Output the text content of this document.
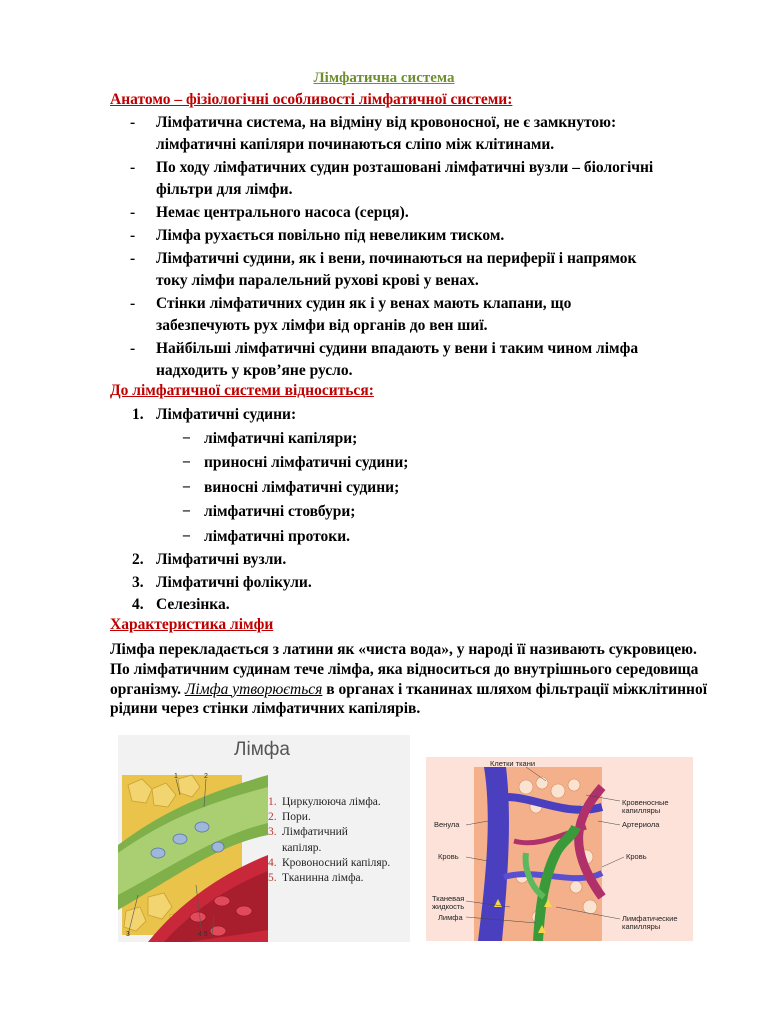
Лімфатична система
Анатомо – фізіологічні особливості лімфатичної системи:
- Лімфатична система, на відміну від кровоносної, не є замкнутою:
лімфатичні капіляри починаються сліпо між клітинами.
- По ходу лімфатичних судин розташовані лімфатичні вузли – біологічні
фільтри для лімфи.
- Немає центрального насоса (серця).
- Лімфа рухається повільно під невеликим тиском.
- Лімфатичні судини, як і вени, починаються на периферії і напрямок
току лімфи паралельний рухові крові у венах.
- Стінки лімфатичних судин як і у венах мають клапани, що
забезпечують рух лімфи від органів до вен шиї.
- Найбільші лімфатичні судини впадають у вени і таким чином лімфа
надходить у кров’яне русло.
До лімфатичної системи відноситься:
1. Лімфатичні судини:
− лімфатичні капіляри;
− приносні лімфатичні судини;
− виносні лімфатичні судини;
− лімфатичні стовбури;
− лімфатичні протоки.
2. Лімфатичні вузли.
3. Лімфатичні фолікули.
4. Селезінка.
Характеристика лімфи
Лімфа перекладається з латини як «чиста вода», у народі її називають сукровицею. По лімфатичним судинам тече лімфа, яка відноситься до внутрішнього середовища організму. Лімфа утворюється в органах і тканинах шляхом фільтрації міжклітинної рідини через стінки лімфатичних капілярів.
Лімфа
1	2
3	4 5
1. Циркулююча лімфа.
2. Пори.
3. Лімфатичний
капіляр.
4. Кровоносний капіляр.
5. Тканинна лімфа.
Клетки ткани
Кровеносные
капилляры
Артериола
Венула
Кровь	Кровь
Тканевая
жидкость
Лимфа	Лимфатические
капилляры
